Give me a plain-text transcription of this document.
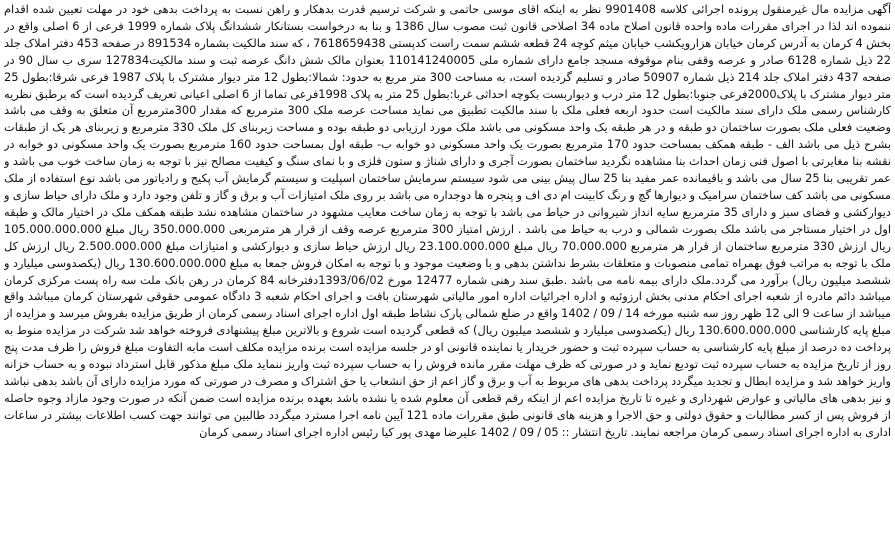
آگهی مزایده مال غیرمنقول پرونده اجرائی کلاسه 9901408 نظر به اینکه اقای موسی حاتمی و شرکت ترسیم قدرت بدهکار و راهن نسبت به پرداخت بدهی خود در مهلت تعیین شده اقدام ننموده اند لذا در اجرای مقررات ماده واحده قانون اصلاح ماده 34 اصلاحی قانون ثبت مصوب سال 1386 و بنا به درخواست بستانکار ششدانگ پلاک شماره 1999 فرعی از 6 اصلی واقع در بخش 4 کرمان به آدرس کرمان خیابان هزارویکشب خیابان میثم کوچه 24 قطعه ششم سمت راست کدپستی 7618659438 ، که سند مالکیت بشماره 891534 در صفحه 453 دفتر املاک جلد 22 ذیل شماره 6128 صادر و عرصه وقفی بنام موقوفه مسجد جامع دارای شماره ملی 110141240005 بعنوان مالک شش دانگ عرصه ثبت و سند مالکیت127834 سری ب سال 90 در صفحه 437 دفتر املاک جلد 214 ذیل شماره 50907 صادر و تسلیم گردیده است، به مساحت 300 متر مربع به حدود: شمالا:بطول 12 متر دیوار مشترک با پلاک 1987 فرعی شرقا:بطول 25 متر دیوار مشترک با پلاک2000فرعی جنوبا:بطول 12 متر درب و دیواربست بکوچه احداثی غربا:بطول 25 متر به پلاک 1998فرعی تماما از 6 اصلی اعیانی تعریف گردیده است که برطبق نظریه کارشناس رسمی ملک دارای سند مالکیت است حدود اربعه فعلی ملک با سند مالکیت تطبیق می نماید مساحت عرصه ملک 300 مترمربع که مقدار 300مترمربع آن متعلق به وقف می باشد وضعیت فعلی ملک بصورت ساختمان دو طبقه و در هر طبقه یک واحد مسکونی می باشد ملک مورد ارزیابی دو طبقه بوده و مساحت زیربنای کل ملک 330 مترمربع و زیربنای هر یک از طبقات بشرح ذیل می باشد الف - طبقه همکف بمساحت حدود 170 مترمربع بصورت یک واحد مسکونی دو خوابه ب- طبقه اول بمساحت حدود 160 مترمربع بصورت یک واحد مسکونی دو خوابه در نقشه بنا مغایرتی با اصول فنی زمان احداث بنا مشاهده نگردید ساختمان بصورت آجری و دارای شناژ و ستون فلزی و با نمای سنگ و کیفیت مصالح نیز با توجه به زمان ساخت خوب می باشد و عمر تقریبی بنا 25 سال می باشد و باقیمانده عمر مفید بنا 25 سال پیش بینی می شود سیستم سرمایش ساختمان اسپلیت و سیستم گرمایش آب پکیج و رادیاتور می باشد نوع استفاده از ملک مسکونی می باشد کف ساختمان سرامیک و دیوارها گچ و رنگ کابینت ام دی اف و پنجره ها دوجداره می باشد بر روی ملک امتیازات آب و برق و گاز و تلفن وجود دارد و ملک دارای حیاط سازی و دیوارکشی و فضای سبز و دارای 35 مترمربع سایه انداز شیروانی در حیاط می باشد با توجه به زمان ساخت معایب مشهود در ساختمان مشاهده نشد طبقه همکف ملک در اختیار مالک و طبقه اول در اختیار مستاجر می باشد ملک بصورت شمالی و درب به حیاط می باشد . ارزش امتیاز 300 مترمربع عرصه وقف از قرار هر مترمربعی 350.000.000 ریال مبلغ 105.000.000.000 ریال ارزش 330 مترمربع ساختمان از قرار هر مترمربع 70.000.000 ریال مبلغ 23.100.000.000 ریال ارزش حیاط سازی و دیوارکشی و امتیازات مبلغ 2.500.000.000 ریال ارزش کل ملک با توجه به مراتب فوق بهمراه تمامی منصوبات و متعلقات بشرط نداشتن بدهی و با وضعیت موجود و با توجه به امکان فروش جمعا به مبلغ 130.600.000.000 ریال (یکصدوسی میلیارد و ششصد میلیون ریال) برآورد می گردد.ملک دارای بیمه نامه می باشد .طبق سند رهنی شماره 12477 مورخ 1393/06/02دفترخانه 84 کرمان در رهن بانک ملت سه راه پست مرکزی کرمان میباشد دائم مادره از شعبه اجرای احکام مدنی بخش ارزوئیه و اداره اجرائیات اداره امور مالیاتی شهرستان بافت و اجرای احکام شعبه 3 دادگاه عمومی حقوقی شهرستان کرمان میباشد واقع میباشد از ساعت 9 الی 12 ظهر روز سه شنبه مورخه 14 / 09 / 1402 واقع در ضلع شمالی پارک نشاط طبقه اول اداره اجرای اسناد رسمی کرمان از طریق مزایده بفروش میرسد و مزایده از مبلغ پایه کارشناسی 130.600.000.000 ریال (یکصدوسی میلیارد و ششصد میلیون ریال) که قطعی گردیده است شروع و بالاترین مبلغ پیشنهادی فروخته خواهد شد شرکت در مزایده منوط به پرداخت ده درصد از مبلغ پایه کارشناسی به حساب سپرده ثبت و حضور خریدار یا نماینده قانونی او در جلسه مزایده است برنده مزایده مکلف است مابه التفاوت مبلغ فروش را ظرف مدت پنج روز از تاریخ مزایده به حساب سپرده ثبت تودیع نماید و در صورتی که ظرف مهلت مقرر مانده فروش را به حساب سپرده ثبت واریز ننماید ملک مبلغ مذکور قابل استرداد نبوده و به حساب خزانه واریز خواهد شد و مزایده ابطال و تجدید میگردد پرداخت بدهی های مربوط به آب و برق و گاز اعم از حق انشعاب یا حق اشتراک و مصرف در صورتی که مورد مزایده دارای آن باشد بدهی نباشد و نیز بدهی های مالیاتی و عوارض شهرداری و غیره تا تاریخ مزایده اعم از اینکه رقم قطعی آن معلوم شده یا نشده باشد بعهده برنده مزایده است ضمن آنکه در صورت وجود مازاد وجوه حاصله از فروش پس از کسر مطالبات و حقوق دولتی و حق الاجرا و هزینه های قانونی طبق مقررات ماده 121 آیین نامه اجرا مسترد میگردد طالبین می توانند جهت کسب اطلاعات بیشتر در ساعات اداری به اداره اجرای اسناد رسمی کرمان مراجعه نمایند. تاریخ انتشار :: 05 / 09 / 1402 علیرضا مهدی پور کیا رئیس اداره اجرای اسناد رسمی کرمان
